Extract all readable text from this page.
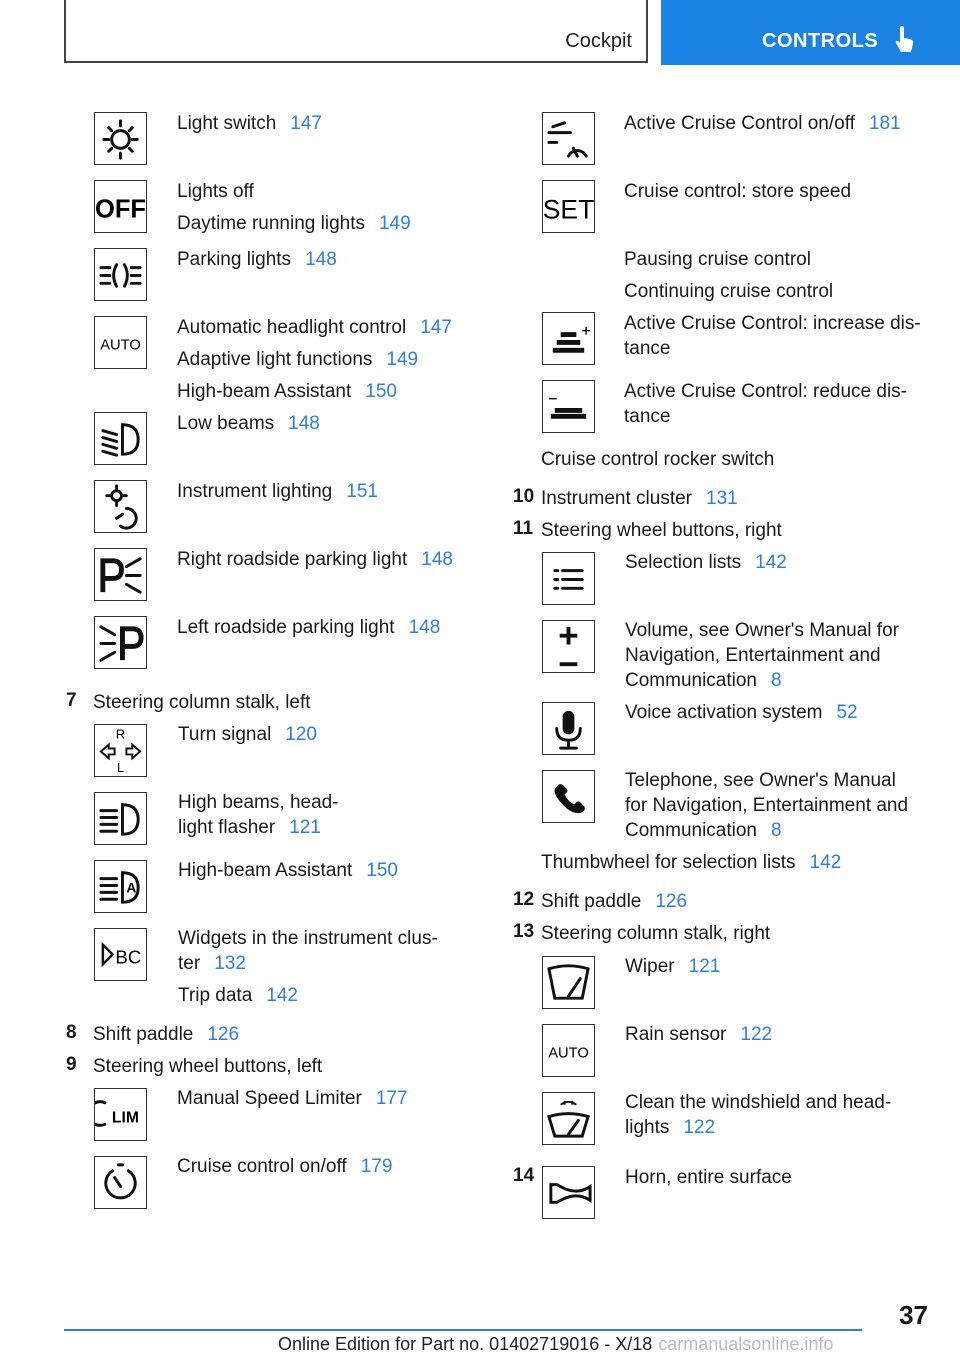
Cockpit	CONTROLS
Light switch 147
OFF
Lights off
Daytime running lights 149
Parking lights 148
AUTO
Automatic headlight control 147
Adaptive light functions 149
High-beam Assistant 150
Low beams 148
Instrument lighting 151
Right roadside parking light 148
Left roadside parking light 148
7 Steering column stalk, left
R
L
Turn signal 120
High beams, head-
light flasher 121
A
High-beam Assistant 150
BC
Widgets in the instrument clus-
ter 132
Trip data 142
8 Shift paddle 126
9 Steering wheel buttons, left
LIM
Manual Speed Limiter 177
Cruise control on/off 179
Active Cruise Control on/off 181
SET
Cruise control: store speed
Pausing cruise control
Continuing cruise control
Active Cruise Control: increase dis-
tance
Active Cruise Control: reduce dis-
tance
Cruise control rocker switch
10 Instrument cluster 131
11 Steering wheel buttons, right
Selection lists 142
Volume, see Owner's Manual for
Navigation, Entertainment and
Communication 8
Voice activation system 52
Telephone, see Owner's Manual
for Navigation, Entertainment and
Communication 8
Thumbwheel for selection lists 142
12 Shift paddle 126
13 Steering column stalk, right
Wiper 121
AUTO
Rain sensor 122
Clean the windshield and head-
lights 122
14	Horn, entire surface
37
Online Edition for Part no. 01402719016 - X/18 carmanualsonline.info
